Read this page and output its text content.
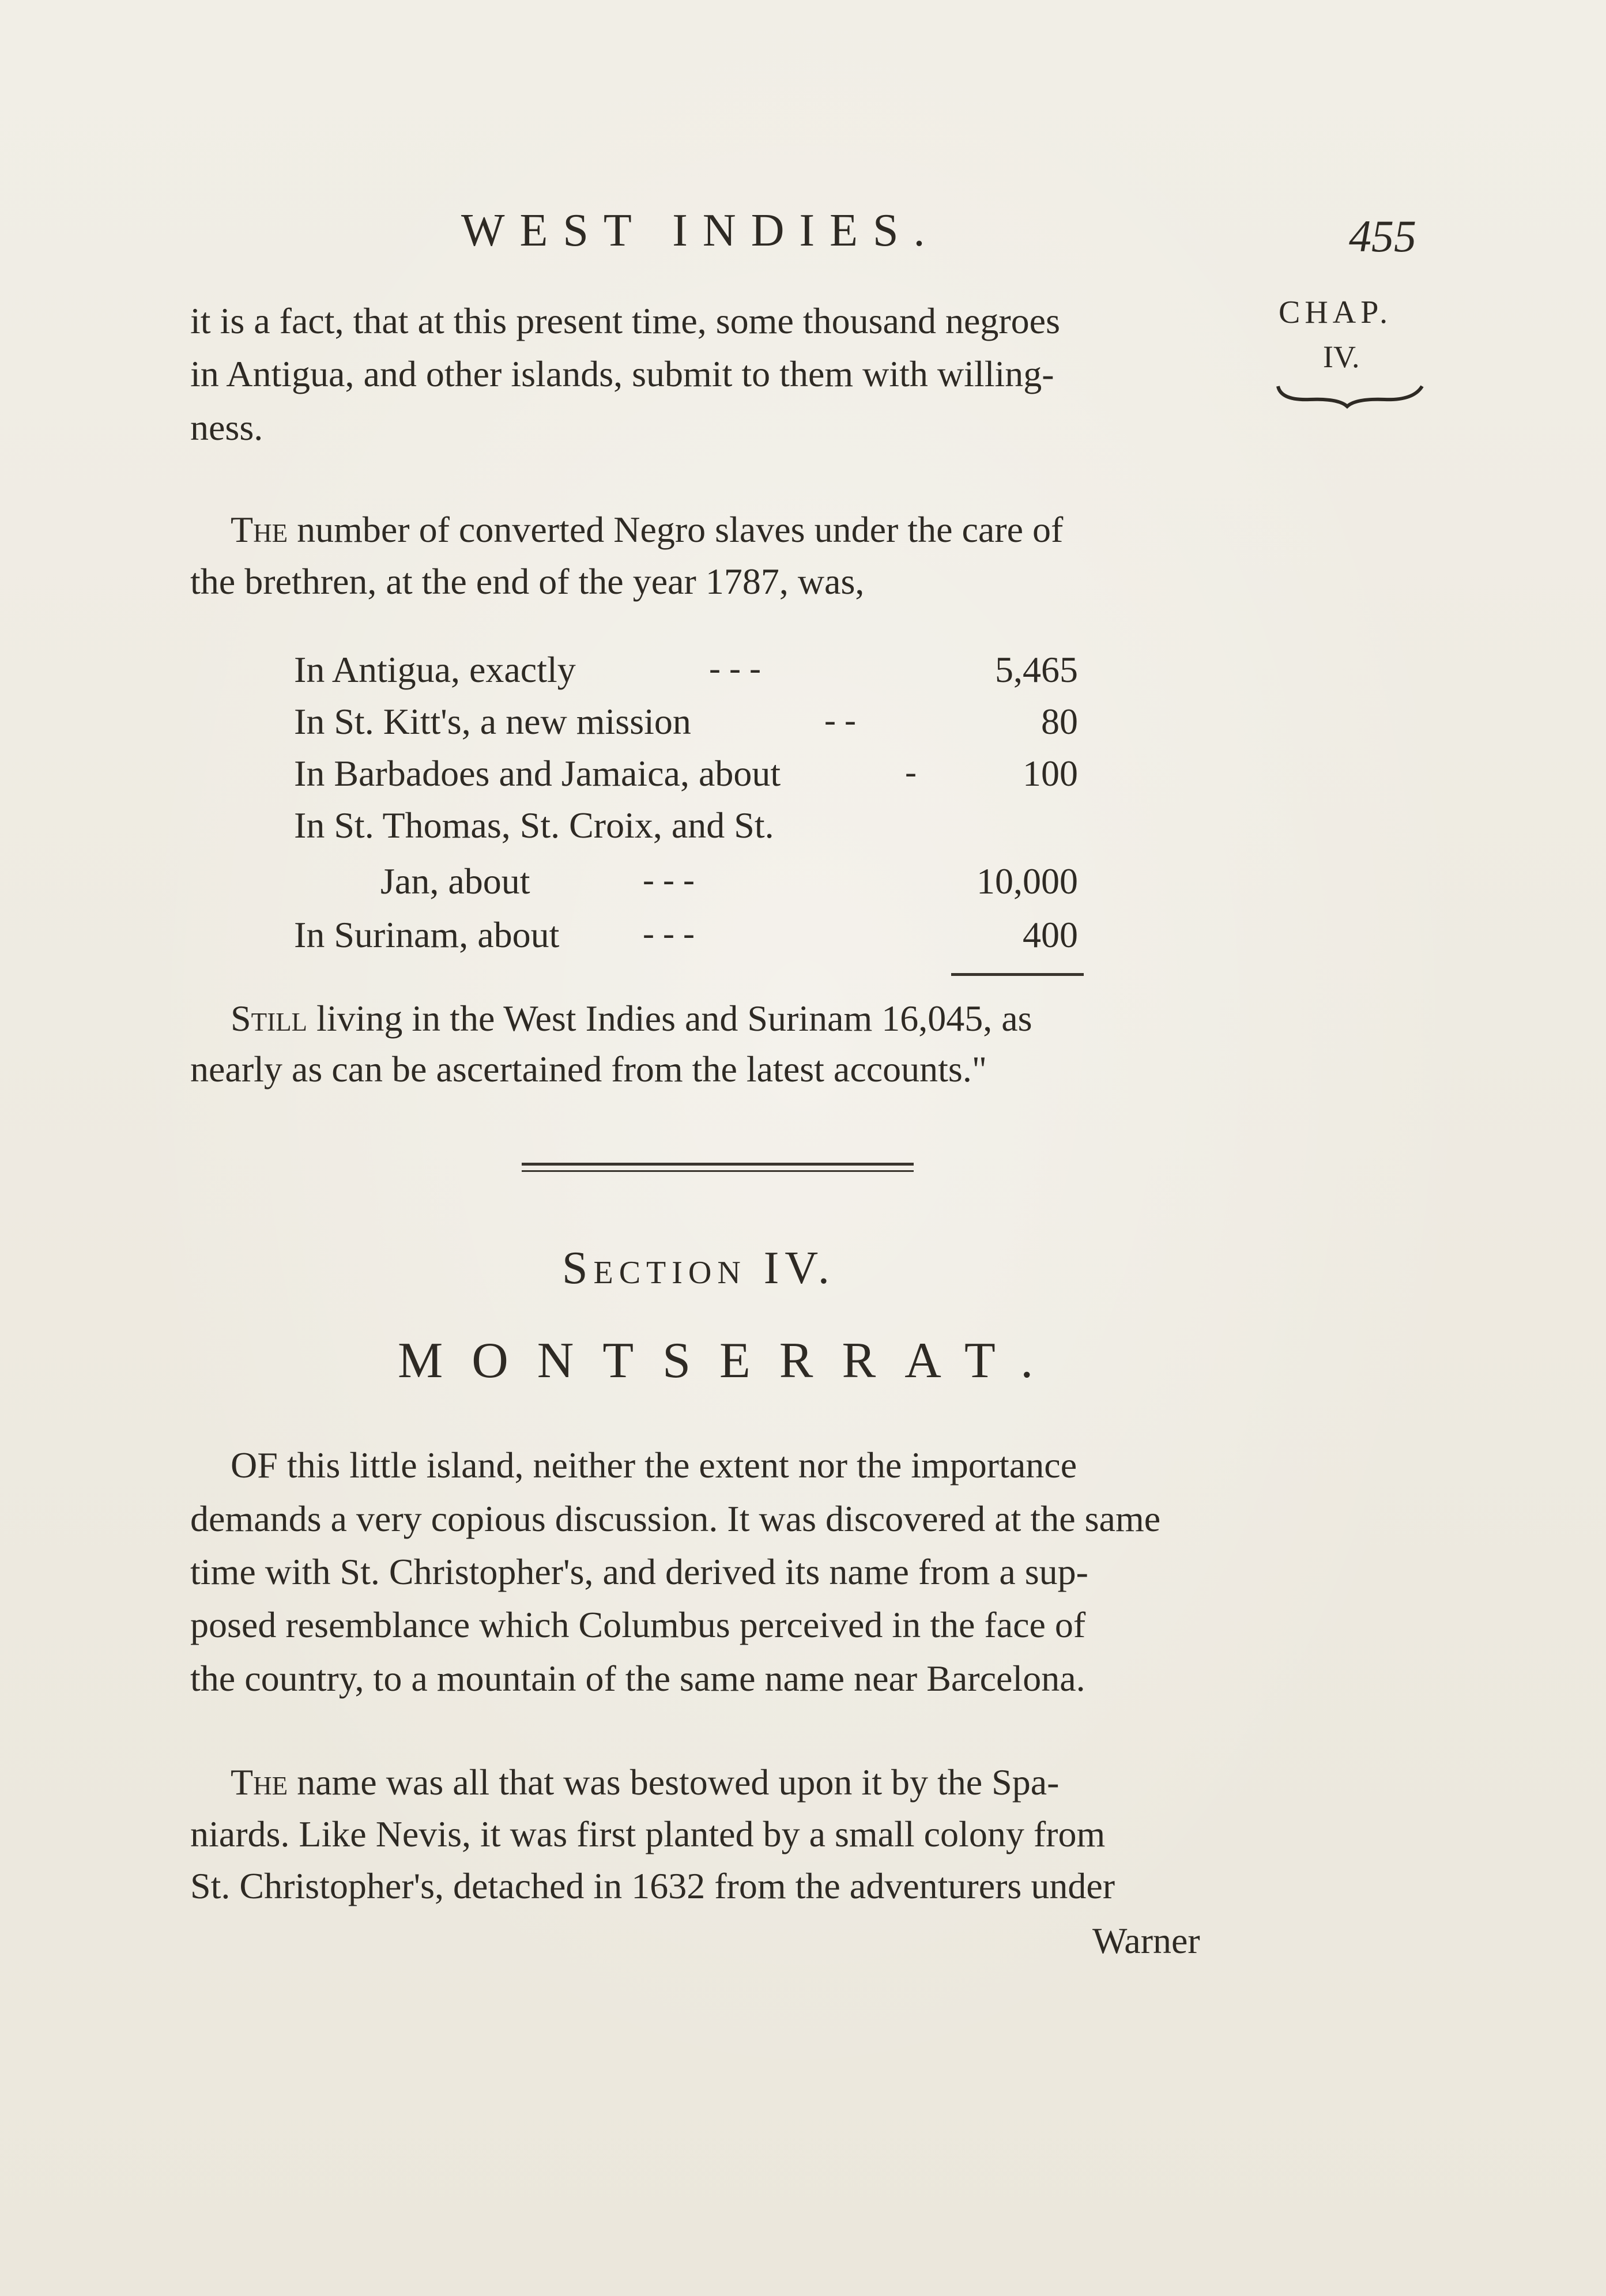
WEST INDIES.	455
CHAP.
IV.
it is a fact, that at this present time, some thousand negroes
in Antigua, and other islands, submit to them with willing-
ness.
The number of converted Negro slaves under the care of
the brethren, at the end of the year 1787, was,
In Antigua, exactly	- - -	5,465
In St. Kitt's, a new mission	- -	80
In Barbadoes and Jamaica, about	-	100
In St. Thomas, St. Croix, and St.
Jan, about	- - -	10,000
In Surinam, about - - -	400
Still living in the West Indies and Surinam 16,045, as
nearly as can be ascertained from the latest accounts."
Section IV.
MONTSERRAT.
OF this little island, neither the extent nor the importance
demands a very copious discussion. It was discovered at the same
time with St. Christopher's, and derived its name from a sup-
posed resemblance which Columbus perceived in the face of
the country, to a mountain of the same name near Barcelona.
The name was all that was bestowed upon it by the Spa-
niards. Like Nevis, it was first planted by a small colony from
St. Christopher's, detached in 1632 from the adventurers under
Warner
